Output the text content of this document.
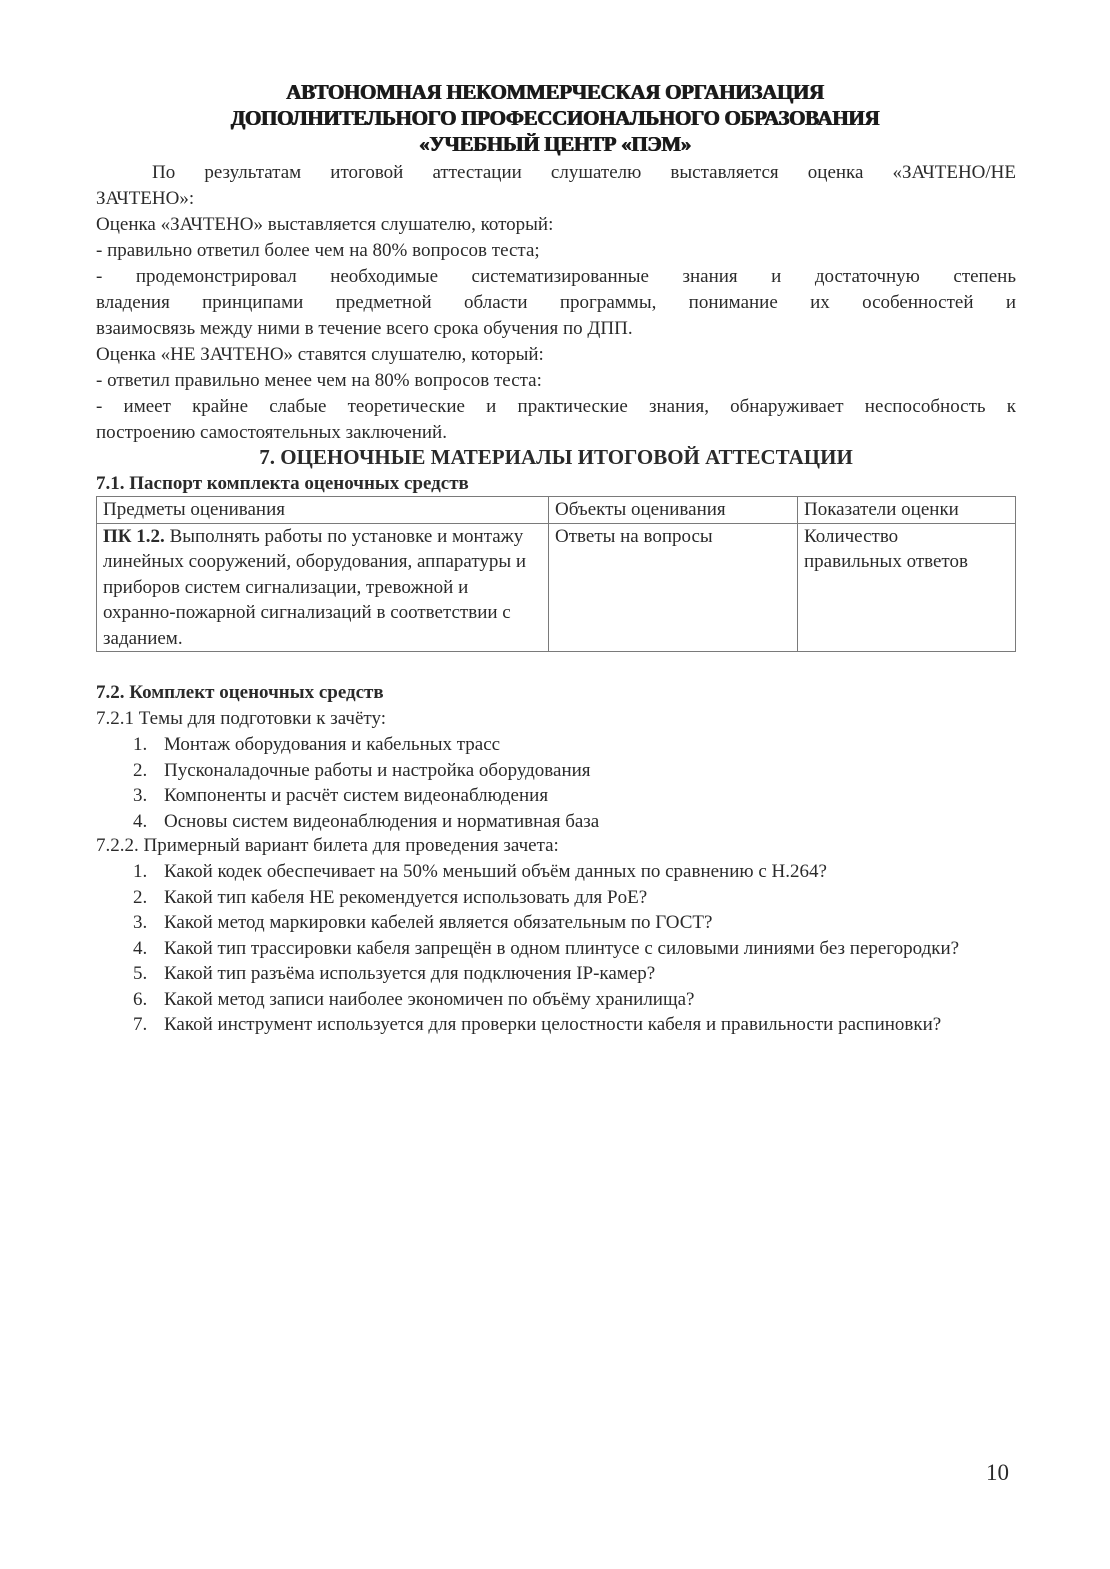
АВТОНОМНАЯ НЕКОММЕРЧЕСКАЯ ОРГАНИЗАЦИЯ
ДОПОЛНИТЕЛЬНОГО ПРОФЕССИОНАЛЬНОГО ОБРАЗОВАНИЯ
«УЧЕБНЫЙ ЦЕНТР «ПЭМ»
По результатам итоговой аттестации слушателю выставляется оценка «ЗАЧТЕНО/НЕ
ЗАЧТЕНО»:
Оценка «ЗАЧТЕНО» выставляется слушателю, который:
- правильно ответил более чем на 80% вопросов теста;
- продемонстрировал необходимые систематизированные знания и достаточную степень
владения принципами предметной области программы, понимание их особенностей и
взаимосвязь между ними в течение всего срока обучения по ДПП.
Оценка «НЕ ЗАЧТЕНО» ставятся слушателю, который:
- ответил правильно менее чем на 80% вопросов теста:
- имеет крайне слабые теоретические и практические знания, обнаруживает неспособность к
построению самостоятельных заключений.
7. ОЦЕНОЧНЫЕ МАТЕРИАЛЫ ИТОГОВОЙ АТТЕСТАЦИИ
7.1. Паспорт комплекта оценочных средств
Предметы оценивания	Объекты оценивания	Показатели оценки
ПК 1.2. Выполнять работы по установке и монтажу линейных сооружений, оборудования, аппаратуры и приборов систем сигнализации, тревожной и охранно-пожарной сигнализаций в соответствии с заданием.	Ответы на вопросы	Количество правильных ответов
7.2. Комплект оценочных средств
7.2.1 Темы для подготовки к зачёту:
1. Монтаж оборудования и кабельных трасс
2. Пусконаладочные работы и настройка оборудования
3. Компоненты и расчёт систем видеонаблюдения
4. Основы систем видеонаблюдения и нормативная база
7.2.2. Примерный вариант билета для проведения зачета:
1. Какой кодек обеспечивает на 50% меньший объём данных по сравнению с H.264?
2. Какой тип кабеля НЕ рекомендуется использовать для PoE?
3. Какой метод маркировки кабелей является обязательным по ГОСТ?
4. Какой тип трассировки кабеля запрещён в одном плинтусе с силовыми линиями без перегородки?
5. Какой тип разъёма используется для подключения IP-камер?
6. Какой метод записи наиболее экономичен по объёму хранилища?
7. Какой инструмент используется для проверки целостности кабеля и правильности распиновки?
10
